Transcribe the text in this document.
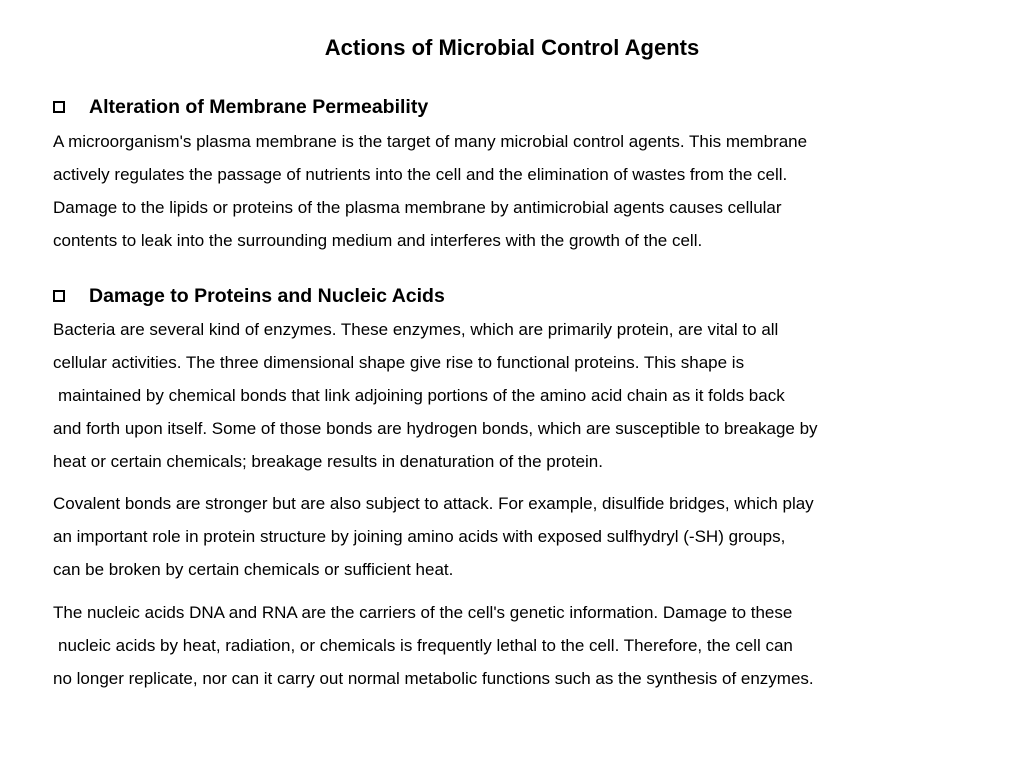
Actions of Microbial Control Agents
Alteration of Membrane Permeability
A microorganism's plasma membrane is the target of many microbial control agents. This membrane
actively regulates the passage of nutrients into the cell and the elimination of wastes from the cell.
Damage to the lipids or proteins of the plasma membrane by antimicrobial agents causes cellular
contents to leak into the surrounding medium and interferes with the growth of the cell.
Damage to Proteins and Nucleic Acids
Bacteria are several kind of enzymes. These enzymes, which are primarily protein, are vital to all
cellular activities. The three dimensional shape give rise to functional proteins. This shape is
maintained by chemical bonds that link adjoining portions of the amino acid chain as it folds back
and forth upon itself. Some of those bonds are hydrogen bonds, which are susceptible to breakage by
heat or certain chemicals; breakage results in denaturation of the protein.
Covalent bonds are stronger but are also subject to attack. For example, disulfide bridges, which play
an important role in protein structure by joining amino acids with exposed sulfhydryl (-SH) groups,
can be broken by certain chemicals or sufficient heat.
The nucleic acids DNA and RNA are the carriers of the cell's genetic information. Damage to these
nucleic acids by heat, radiation, or chemicals is frequently lethal to the cell. Therefore, the cell can
no longer replicate, nor can it carry out normal metabolic functions such as the synthesis of enzymes.
